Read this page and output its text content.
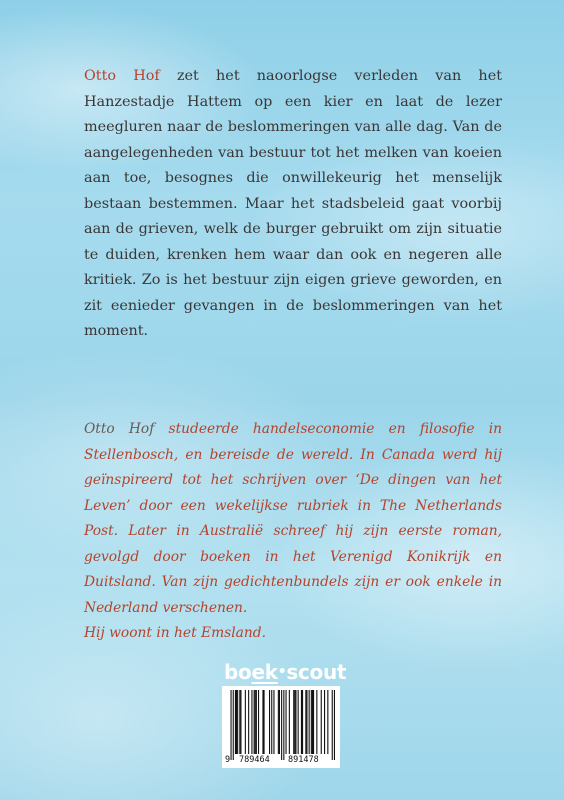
Otto Hof zet het naoorlogse verleden van het Hanzestadje Hattem op een kier en laat de lezer meegluren naar de beslommeringen van alle dag. Van de aangelegenheden van bestuur tot het melken van koeien aan toe, besognes die onwillekeurig het menselijk bestaan bestemmen. Maar het stadsbeleid gaat voorbij aan de grieven, welk de burger gebruikt om zijn situatie te duiden, krenken hem waar dan ook en negeren alle kritiek. Zo is het bestuur zijn eigen grieve geworden, en zit eenieder gevangen in de beslommeringen van het moment.

Otto Hof studeerde handelseconomie en filosofie in Stellenbosch, en bereisde de wereld. In Canada werd hij geïnspireerd tot het schrijven over ‘De dingen van het Leven’ door een wekelijkse rubriek in The Netherlands Post. Later in Australië schreef hij zijn eerste roman, gevolgd door boeken in het Verenigd Konikrijk en Duitsland. Van zijn gedichtenbundels zijn er ook enkele in Nederland verschenen.
Hij woont in het Emsland.

boek•scout
9 789464 891478
